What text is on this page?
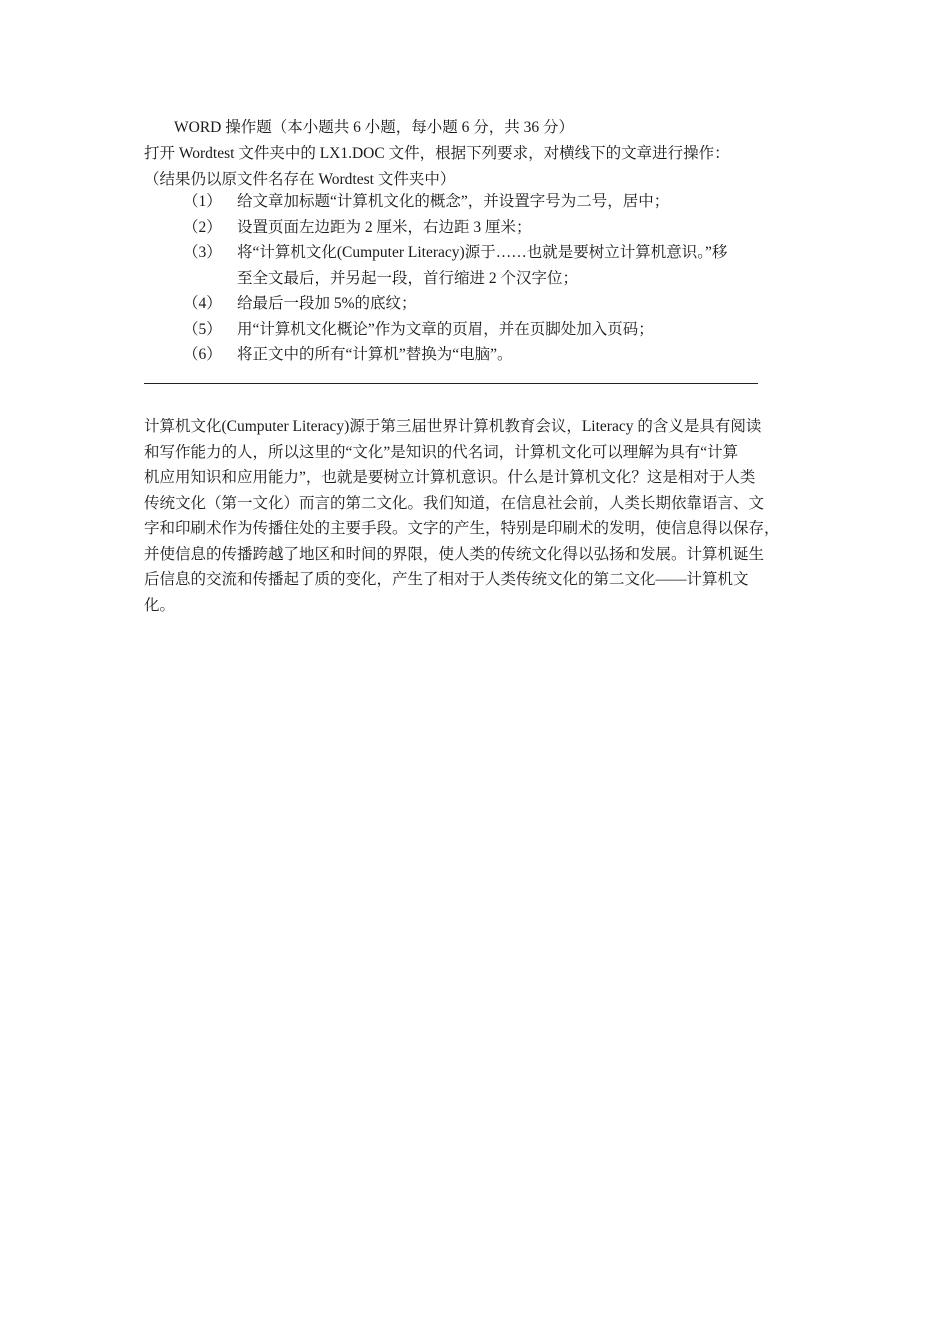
WORD 操作题（本小题共 6 小题，每小题 6 分，共 36 分）
打开 Wordtest 文件夹中的 LX1.DOC 文件，根据下列要求，对横线下的文章进行操作：
（结果仍以原文件名存在 Wordtest 文件夹中）
（1） 给文章加标题“计算机文化的概念”，并设置字号为二号，居中；
（2） 设置页面左边距为 2 厘米，右边距 3 厘米；
（3） 将“计算机文化(Cumputer Literacy)源于……也就是要树立计算机意识。”移
至全文最后，并另起一段，首行缩进 2 个汉字位；
（4） 给最后一段加 5%的底纹；
（5） 用“计算机文化概论”作为文章的页眉，并在页脚处加入页码；
（6） 将正文中的所有“计算机”替换为“电脑”。
计算机文化(Cumputer Literacy)源于第三届世界计算机教育会议，Literacy 的含义是具有阅读
和写作能力的人，所以这里的“文化”是知识的代名词，计算机文化可以理解为具有“计算
机应用知识和应用能力”，也就是要树立计算机意识。什么是计算机文化？这是相对于人类
传统文化（第一文化）而言的第二文化。我们知道，在信息社会前，人类长期依靠语言、文
字和印刷术作为传播住处的主要手段。文字的产生，特别是印刷术的发明，使信息得以保存，
并使信息的传播跨越了地区和时间的界限，使人类的传统文化得以弘扬和发展。计算机诞生
后信息的交流和传播起了质的变化，产生了相对于人类传统文化的第二文化——计算机文
化。
